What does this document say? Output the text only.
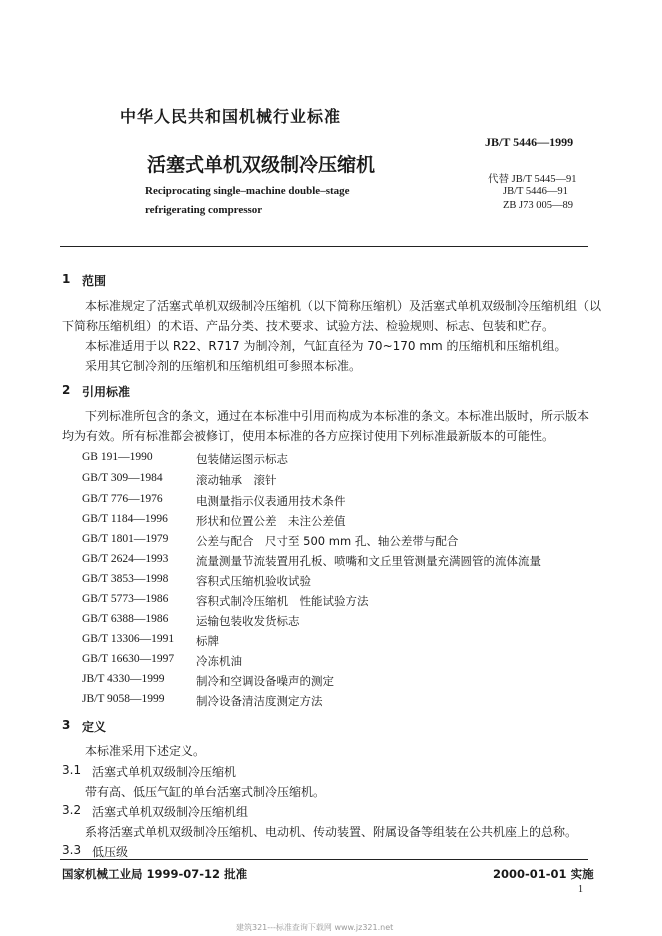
中华人民共和国机械行业标准
JB/T 5446—1999
活塞式单机双级制冷压缩机
Reciprocating single–machine double–stage
refrigerating compressor
代替 JB/T 5445—91
JB/T 5446—91
ZB J73 005—89
1 范围
本标准规定了活塞式单机双级制冷压缩机（以下简称压缩机）及活塞式单机双级制冷压缩机组（以
下简称压缩机组）的术语、产品分类、技术要求、试验方法、检验规则、标志、包装和贮存。
本标准适用于以 R22、R717 为制冷剂，气缸直径为 70~170 mm 的压缩机和压缩机组。
采用其它制冷剂的压缩机和压缩机组可参照本标准。
2 引用标准
下列标准所包含的条文，通过在本标准中引用而构成为本标准的条文。本标准出版时，所示版本
均为有效。所有标准都会被修订，使用本标准的各方应探讨使用下列标准最新版本的可能性。
GB 191—1990	包装储运图示标志
GB/T 309—1984	滚动轴承　滚针
GB/T 776—1976	电测量指示仪表通用技术条件
GB/T 1184—1996 形状和位置公差　未注公差值
GB/T 1801—1979 公差与配合　尺寸至 500 mm 孔、轴公差带与配合
GB/T 2624—1993 流量测量节流装置用孔板、喷嘴和文丘里管测量充满圆管的流体流量
GB/T 3853—1998 容积式压缩机验收试验
GB/T 5773—1986 容积式制冷压缩机　性能试验方法
GB/T 6388—1986 运输包装收发货标志
GB/T 13306—1991 标牌
GB/T 16630—1997 冷冻机油
JB/T 4330—1999	制冷和空调设备噪声的测定
JB/T 9058—1999	制冷设备清洁度测定方法
3 定义
本标准采用下述定义。
3.1 活塞式单机双级制冷压缩机
带有高、低压气缸的单台活塞式制冷压缩机。
3.2 活塞式单机双级制冷压缩机组
系将活塞式单机双级制冷压缩机、电动机、传动装置、附属设备等组装在公共机座上的总称。
3.3 低压级
国家机械工业局 1999-07-12 批准	2000-01-01 实施
1
建筑321---标准查询下载网 www.jz321.net
